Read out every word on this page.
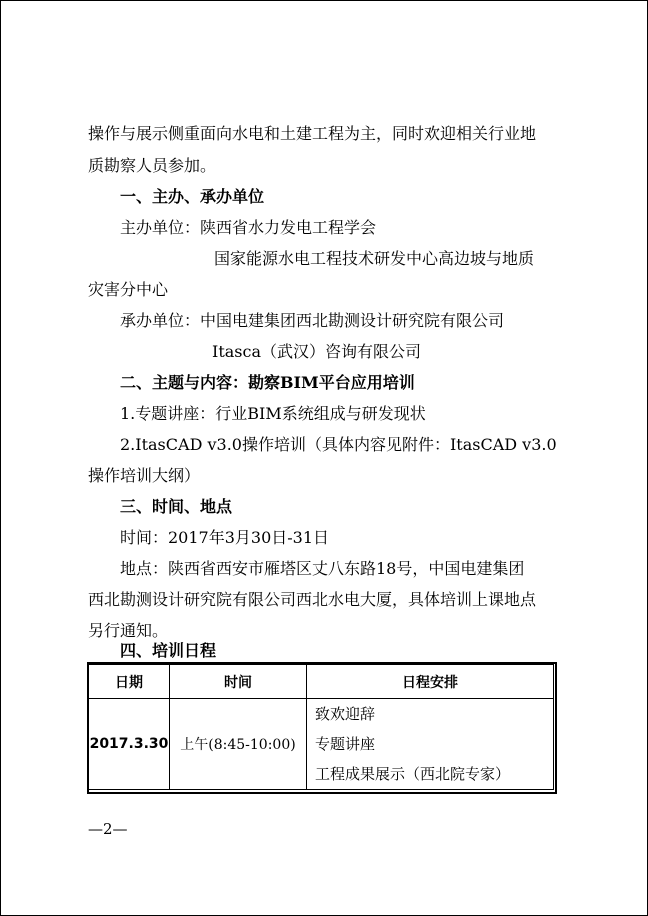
操作与展示侧重面向水电和土建工程为主，同时欢迎相关行业地
质勘察人员参加。
一、主办、承办单位
主办单位：陕西省水力发电工程学会
国家能源水电工程技术研发中心高边坡与地质
灾害分中心
承办单位：中国电建集团西北勘测设计研究院有限公司
Itasca（武汉）咨询有限公司
二、主题与内容：勘察BIM平台应用培训
1.专题讲座：行业BIM系统组成与研发现状
2.ItasCAD v3.0操作培训（具体内容见附件：ItasCAD v3.0
操作培训大纲）
三、时间、地点
时间：2017年3月30日-31日
地点：陕西省西安市雁塔区丈八东路18号，中国电建集团
西北勘测设计研究院有限公司西北水电大厦，具体培训上课地点
另行通知。
四、培训日程
日期	时间	日程安排
2017.3.30	上午(8:45-10:00)	致欢迎辞
专题讲座
工程成果展示（西北院专家）
—2—
